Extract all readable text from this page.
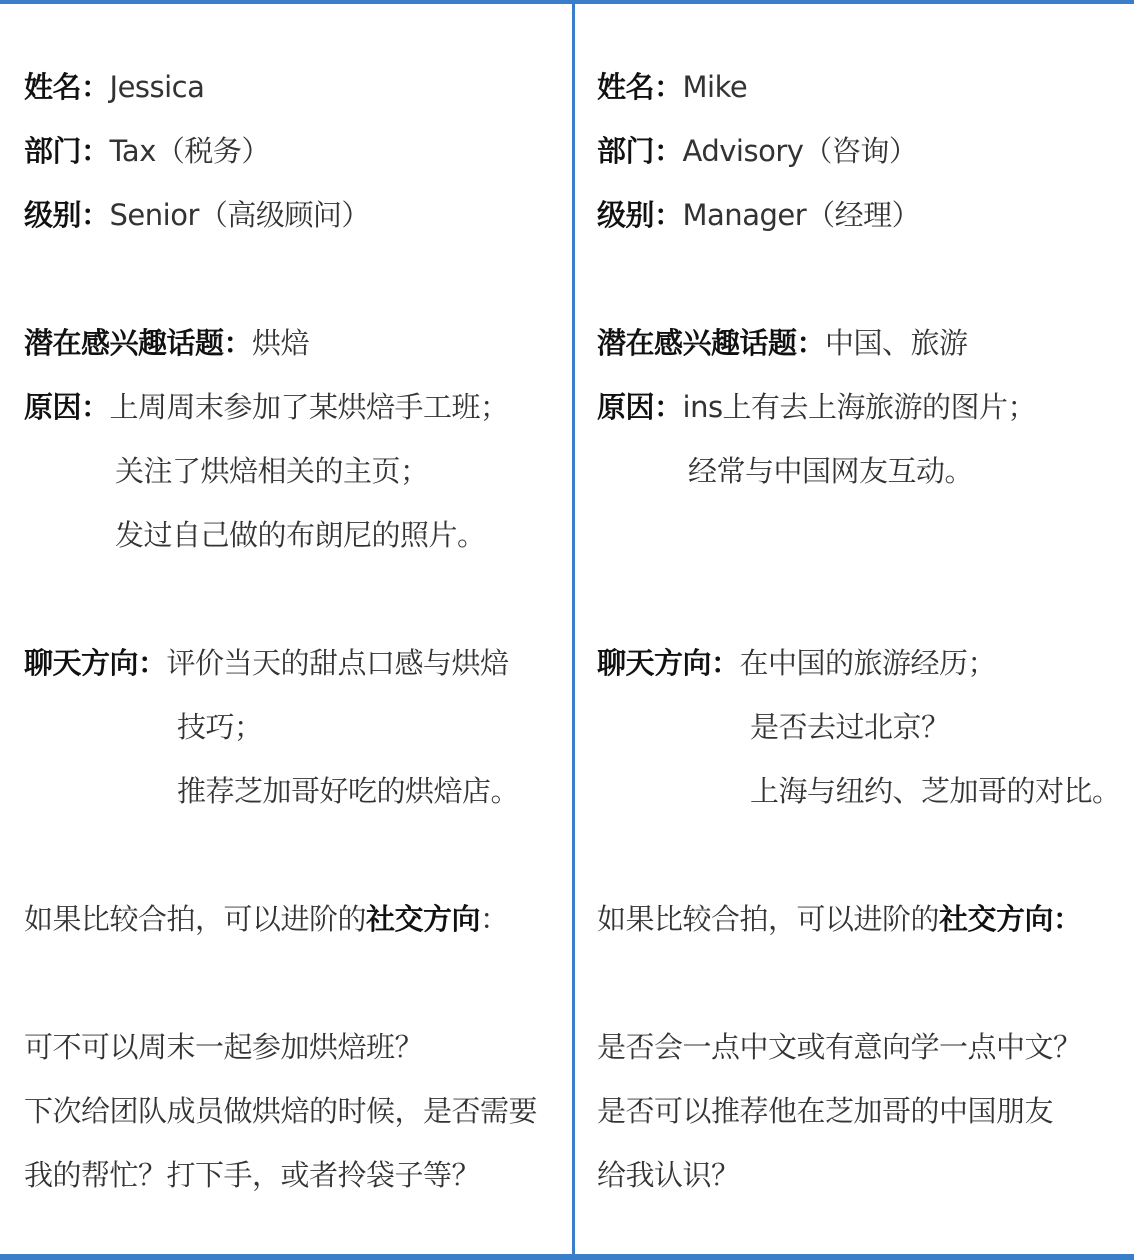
姓名：Jessica
部门：Tax（税务）
级别：Senior（高级顾问）
潜在感兴趣话题：烘焙
原因：上周周末参加了某烘焙手工班；
关注了烘焙相关的主页；
发过自己做的布朗尼的照片。
聊天方向：评价当天的甜点口感与烘焙
技巧；
推荐芝加哥好吃的烘焙店。
如果比较合拍，可以进阶的社交方向：
可不可以周末一起参加烘焙班？
下次给团队成员做烘焙的时候，是否需要
我的帮忙？打下手，或者拎袋子等？
姓名：Mike
部门：Advisory（咨询）
级别：Manager（经理）
潜在感兴趣话题：中国、旅游
原因：ins上有去上海旅游的图片；
经常与中国网友互动。
聊天方向：在中国的旅游经历；
是否去过北京？
上海与纽约、芝加哥的对比。
如果比较合拍，可以进阶的社交方向：
是否会一点中文或有意向学一点中文？
是否可以推荐他在芝加哥的中国朋友
给我认识？
